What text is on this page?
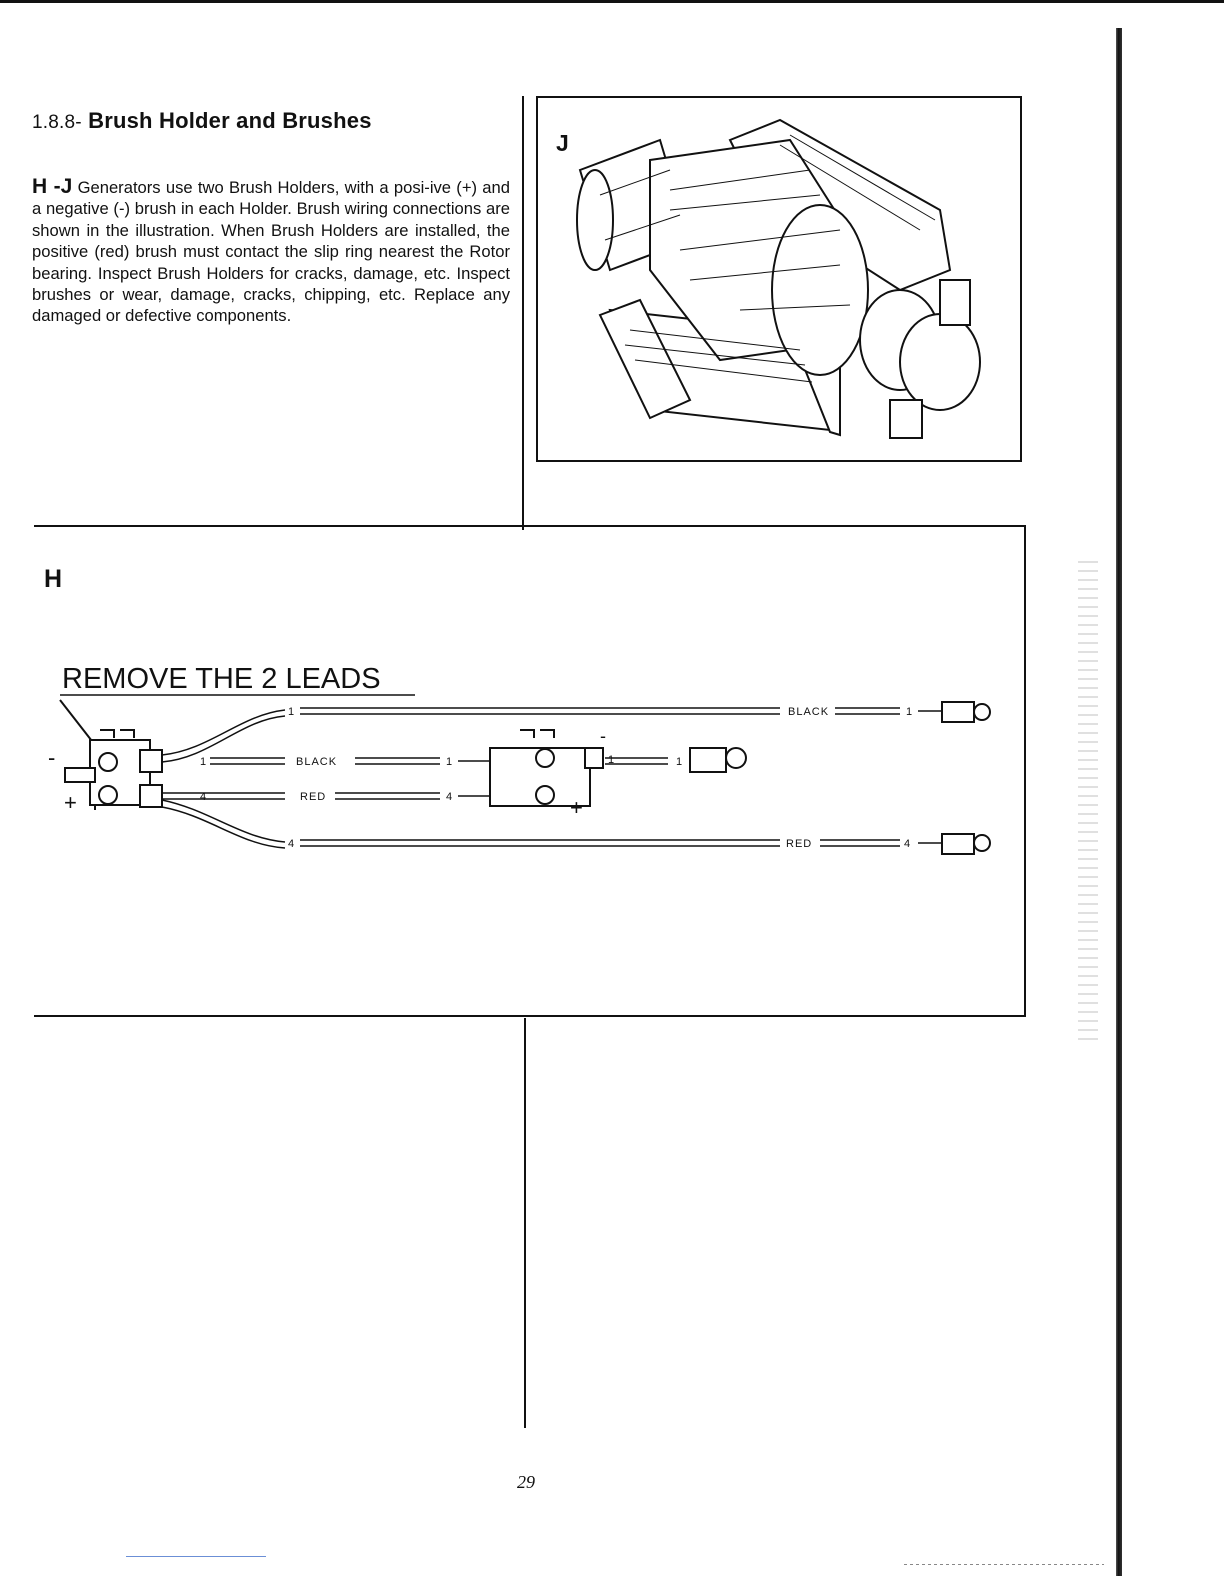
1.8.8- Brush Holder and Brushes
H -J Generators use two Brush Holders, with a posi-ive (+) and a negative (-) brush in each Holder. Brush wiring connections are shown in the illustration. When Brush Holders are installed, the positive (red) brush must contact the slip ring nearest the Rotor bearing. Inspect Brush Holders for cracks, damage, etc. Inspect brushes or wear, damage, cracks, chipping, etc. Replace any damaged or defective components.
J
H
REMOVE THE 2 LEADS
-
+
-
+
1	BLACK	1
1	BLACK	1	1	1
4	RED	4
4	RED	4
29
